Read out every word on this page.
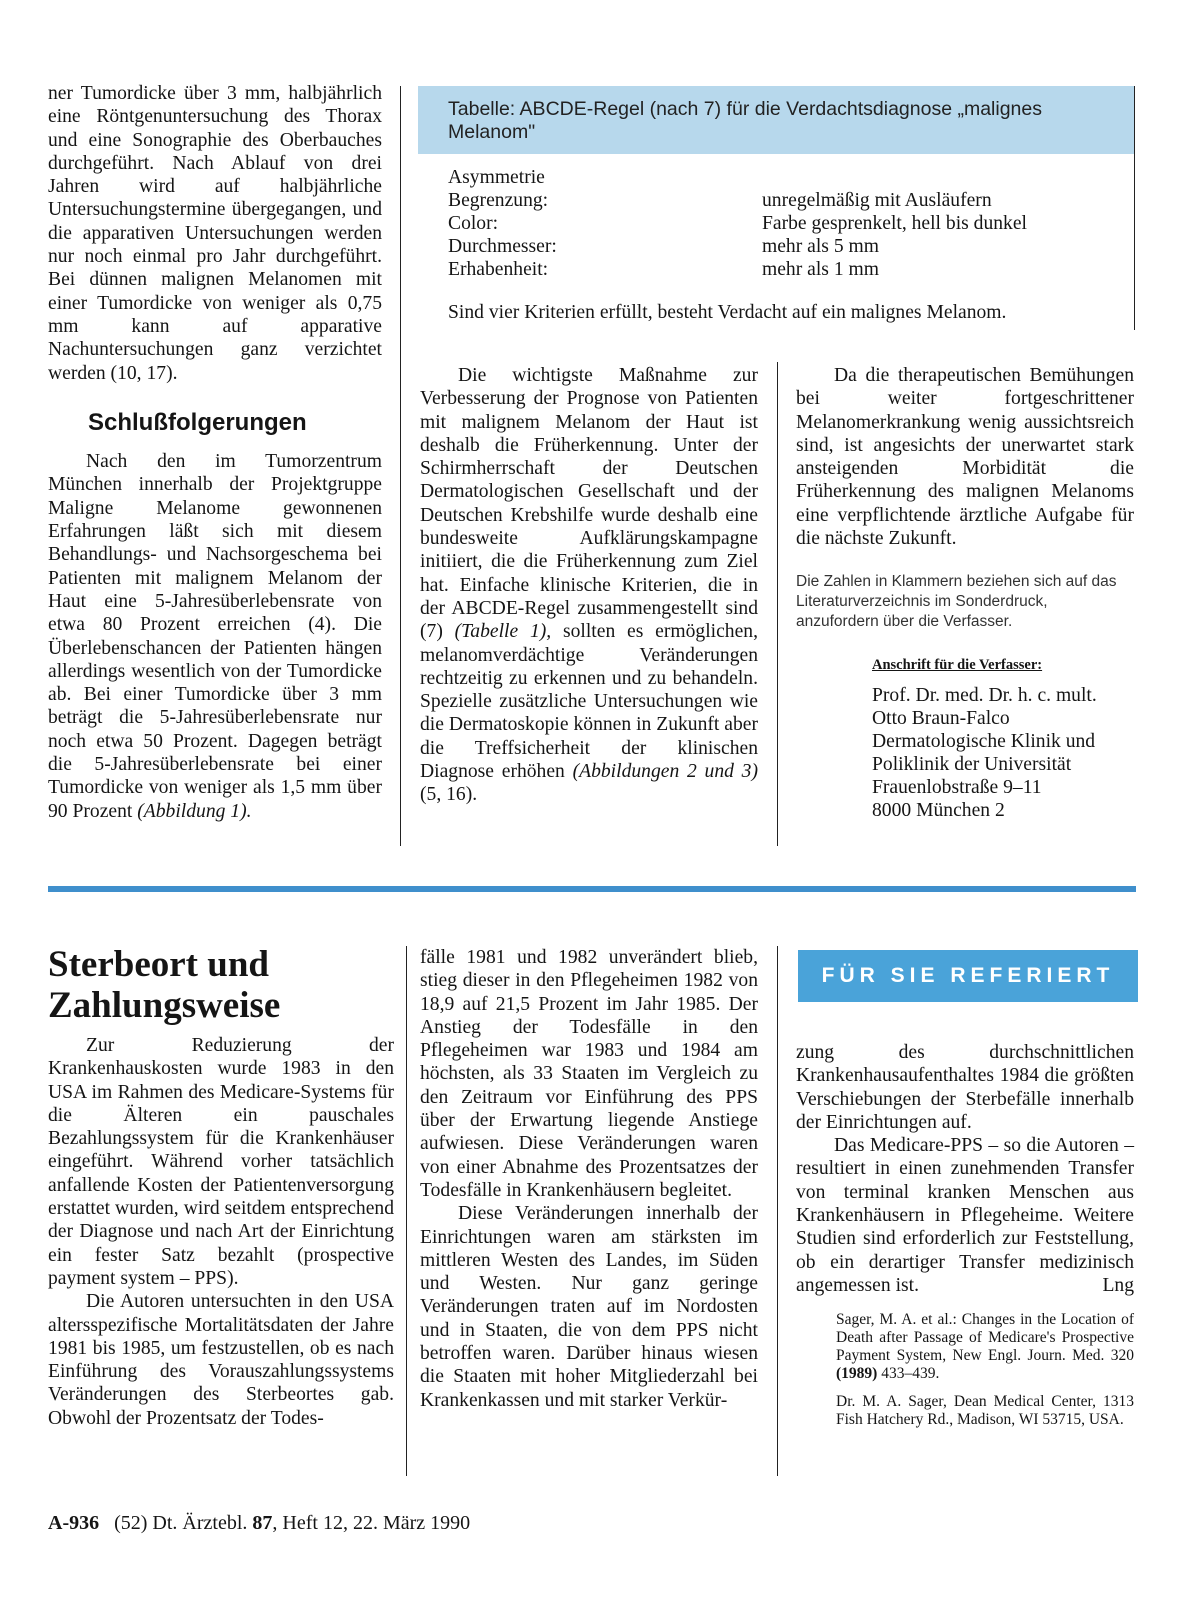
ner Tumordicke über 3 mm, halbjährlich eine Röntgenuntersuchung des Thorax und eine Sonographie des Oberbauches durchgeführt. Nach Ablauf von drei Jahren wird auf halbjährliche Untersuchungstermine übergegangen, und die apparativen Untersuchungen werden nur noch einmal pro Jahr durchgeführt. Bei dünnen malignen Melanomen mit einer Tumordicke von weniger als 0,75 mm kann auf apparative Nachuntersuchungen ganz verzichtet werden (10, 17).

Schlußfolgerungen

Nach den im Tumorzentrum München innerhalb der Projektgruppe Maligne Melanome gewonnenen Erfahrungen läßt sich mit diesem Behandlungs- und Nachsorgeschema bei Patienten mit malignem Melanom der Haut eine 5-Jahresüberlebensrate von etwa 80 Prozent erreichen (4). Die Überlebenschancen der Patienten hängen allerdings wesentlich von der Tumordicke ab. Bei einer Tumordicke über 3 mm beträgt die 5-Jahresüberlebensrate nur noch etwa 50 Prozent. Dagegen beträgt die 5-Jahresüberlebensrate bei einer Tumordicke von weniger als 1,5 mm über 90 Prozent (Abbildung 1).

Tabelle: ABCDE-Regel (nach 7) für die Verdachtsdiagnose „malignes Melanom"
Asymmetrie
Begrenzung:	unregelmäßig mit Ausläufern
Color:	Farbe gesprenkelt, hell bis dunkel
Durchmesser:	mehr als 5 mm
Erhabenheit:	mehr als 1 mm
Sind vier Kriterien erfüllt, besteht Verdacht auf ein malignes Melanom.

Die wichtigste Maßnahme zur Verbesserung der Prognose von Patienten mit malignem Melanom der Haut ist deshalb die Früherkennung. Unter der Schirmherrschaft der Deutschen Dermatologischen Gesellschaft und der Deutschen Krebshilfe wurde deshalb eine bundesweite Aufklärungskampagne initiiert, die die Früherkennung zum Ziel hat. Einfache klinische Kriterien, die in der ABCDE-Regel zusammengestellt sind (7) (Tabelle 1), sollten es ermöglichen, melanomverdächtige Veränderungen rechtzeitig zu erkennen und zu behandeln. Spezielle zusätzliche Untersuchungen wie die Dermatoskopie können in Zukunft aber die Treffsicherheit der klinischen Diagnose erhöhen (Abbildungen 2 und 3) (5, 16).

Da die therapeutischen Bemühungen bei weiter fortgeschrittener Melanomerkrankung wenig aussichtsreich sind, ist angesichts der unerwartet stark ansteigenden Morbidität die Früherkennung des malignen Melanoms eine verpflichtende ärztliche Aufgabe für die nächste Zukunft.

Die Zahlen in Klammern beziehen sich auf das Literaturverzeichnis im Sonderdruck, anzufordern über die Verfasser.

Anschrift für die Verfasser:
Prof. Dr. med. Dr. h. c. mult.
Otto Braun-Falco
Dermatologische Klinik und
Poliklinik der Universität
Frauenlobstraße 9–11
8000 München 2
Sterbeort und
Zahlungsweise

Zur Reduzierung der Krankenhauskosten wurde 1983 in den USA im Rahmen des Medicare-Systems für die Älteren ein pauschales Bezahlungssystem für die Krankenhäuser eingeführt. Während vorher tatsächlich anfallende Kosten der Patientenversorgung erstattet wurden, wird seitdem entsprechend der Diagnose und nach Art der Einrichtung ein fester Satz bezahlt (prospective payment system – PPS).

Die Autoren untersuchten in den USA altersspezifische Mortalitätsdaten der Jahre 1981 bis 1985, um festzustellen, ob es nach Einführung des Vorauszahlungssystems Veränderungen des Sterbeortes gab. Obwohl der Prozentsatz der Todes-

fälle 1981 und 1982 unverändert blieb, stieg dieser in den Pflegeheimen 1982 von 18,9 auf 21,5 Prozent im Jahr 1985. Der Anstieg der Todesfälle in den Pflegeheimen war 1983 und 1984 am höchsten, als 33 Staaten im Vergleich zu den Zeitraum vor Einführung des PPS über der Erwartung liegende Anstiege aufwiesen. Diese Veränderungen waren von einer Abnahme des Prozentsatzes der Todesfälle in Krankenhäusern begleitet.

Diese Veränderungen innerhalb der Einrichtungen waren am stärksten im mittleren Westen des Landes, im Süden und Westen. Nur ganz geringe Veränderungen traten auf im Nordosten und in Staaten, die von dem PPS nicht betroffen waren. Darüber hinaus wiesen die Staaten mit hoher Mitgliederzahl bei Krankenkassen und mit starker Verkür-

FÜR SIE REFERIERT

zung des durchschnittlichen Krankenhausaufenthaltes 1984 die größten Verschiebungen der Sterbefälle innerhalb der Einrichtungen auf.

Das Medicare-PPS – so die Autoren – resultiert in einen zunehmenden Transfer von terminal kranken Menschen aus Krankenhäusern in Pflegeheime. Weitere Studien sind erforderlich zur Feststellung, ob ein derartiger Transfer medizinisch angemessen ist.	Lng

Sager, M. A. et al.: Changes in the Location of Death after Passage of Medicare's Prospective Payment System, New Engl. Journ. Med. 320 (1989) 433–439.

Dr. M. A. Sager, Dean Medical Center, 1313 Fish Hatchery Rd., Madison, WI 53715, USA.

A-936 (52) Dt. Ärztebl. 87, Heft 12, 22. März 1990
